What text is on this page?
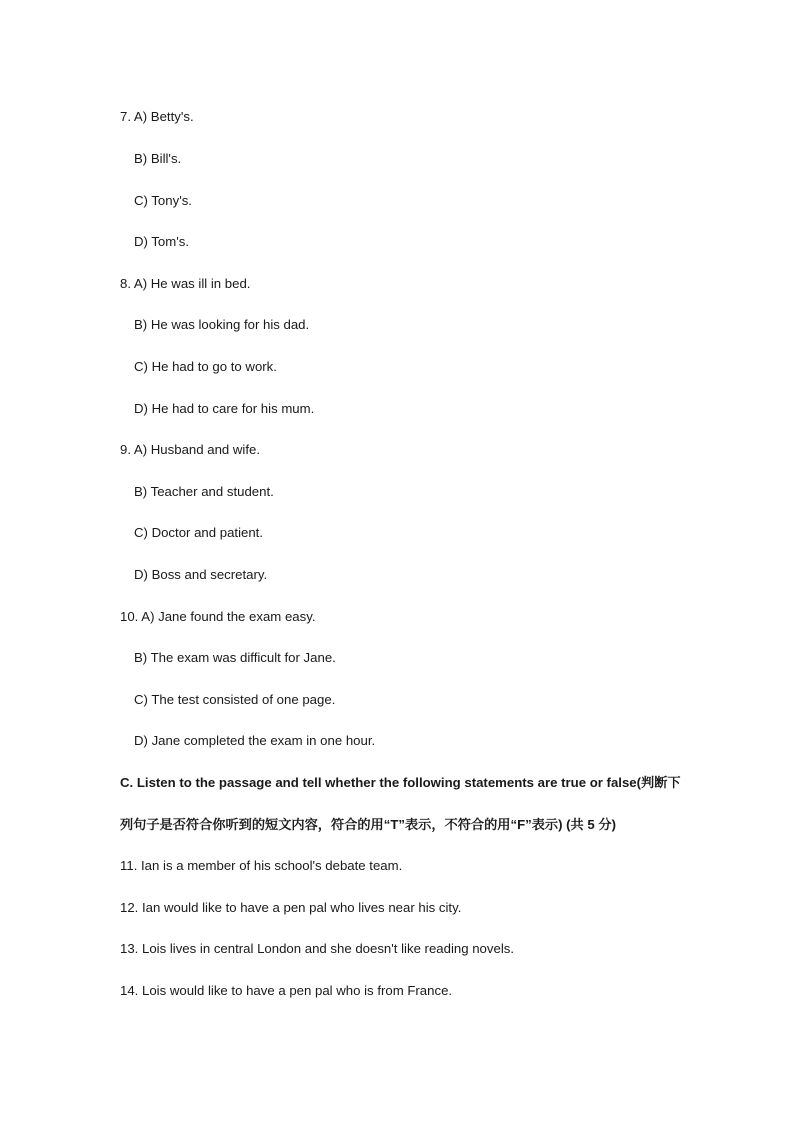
7. A) Betty's.
B) Bill's.
C) Tony's.
D) Tom's.
8. A) He was ill in bed.
B) He was looking for his dad.
C) He had to go to work.
D) He had to care for his mum.
9. A) Husband and wife.
B) Teacher and student.
C) Doctor and patient.
D) Boss and secretary.
10. A) Jane found the exam easy.
B) The exam was difficult for Jane.
C) The test consisted of one page.
D) Jane completed the exam in one hour.
C. Listen to the passage and tell whether the following statements are true or false(判断下
列句子是否符合你听到的短文内容，符合的用“T”表示，不符合的用“F”表示) (共 5 分)
11. Ian is a member of his school's debate team.
12. Ian would like to have a pen pal who lives near his city.
13. Lois lives in central London and she doesn't like reading novels.
14. Lois would like to have a pen pal who is from France.
